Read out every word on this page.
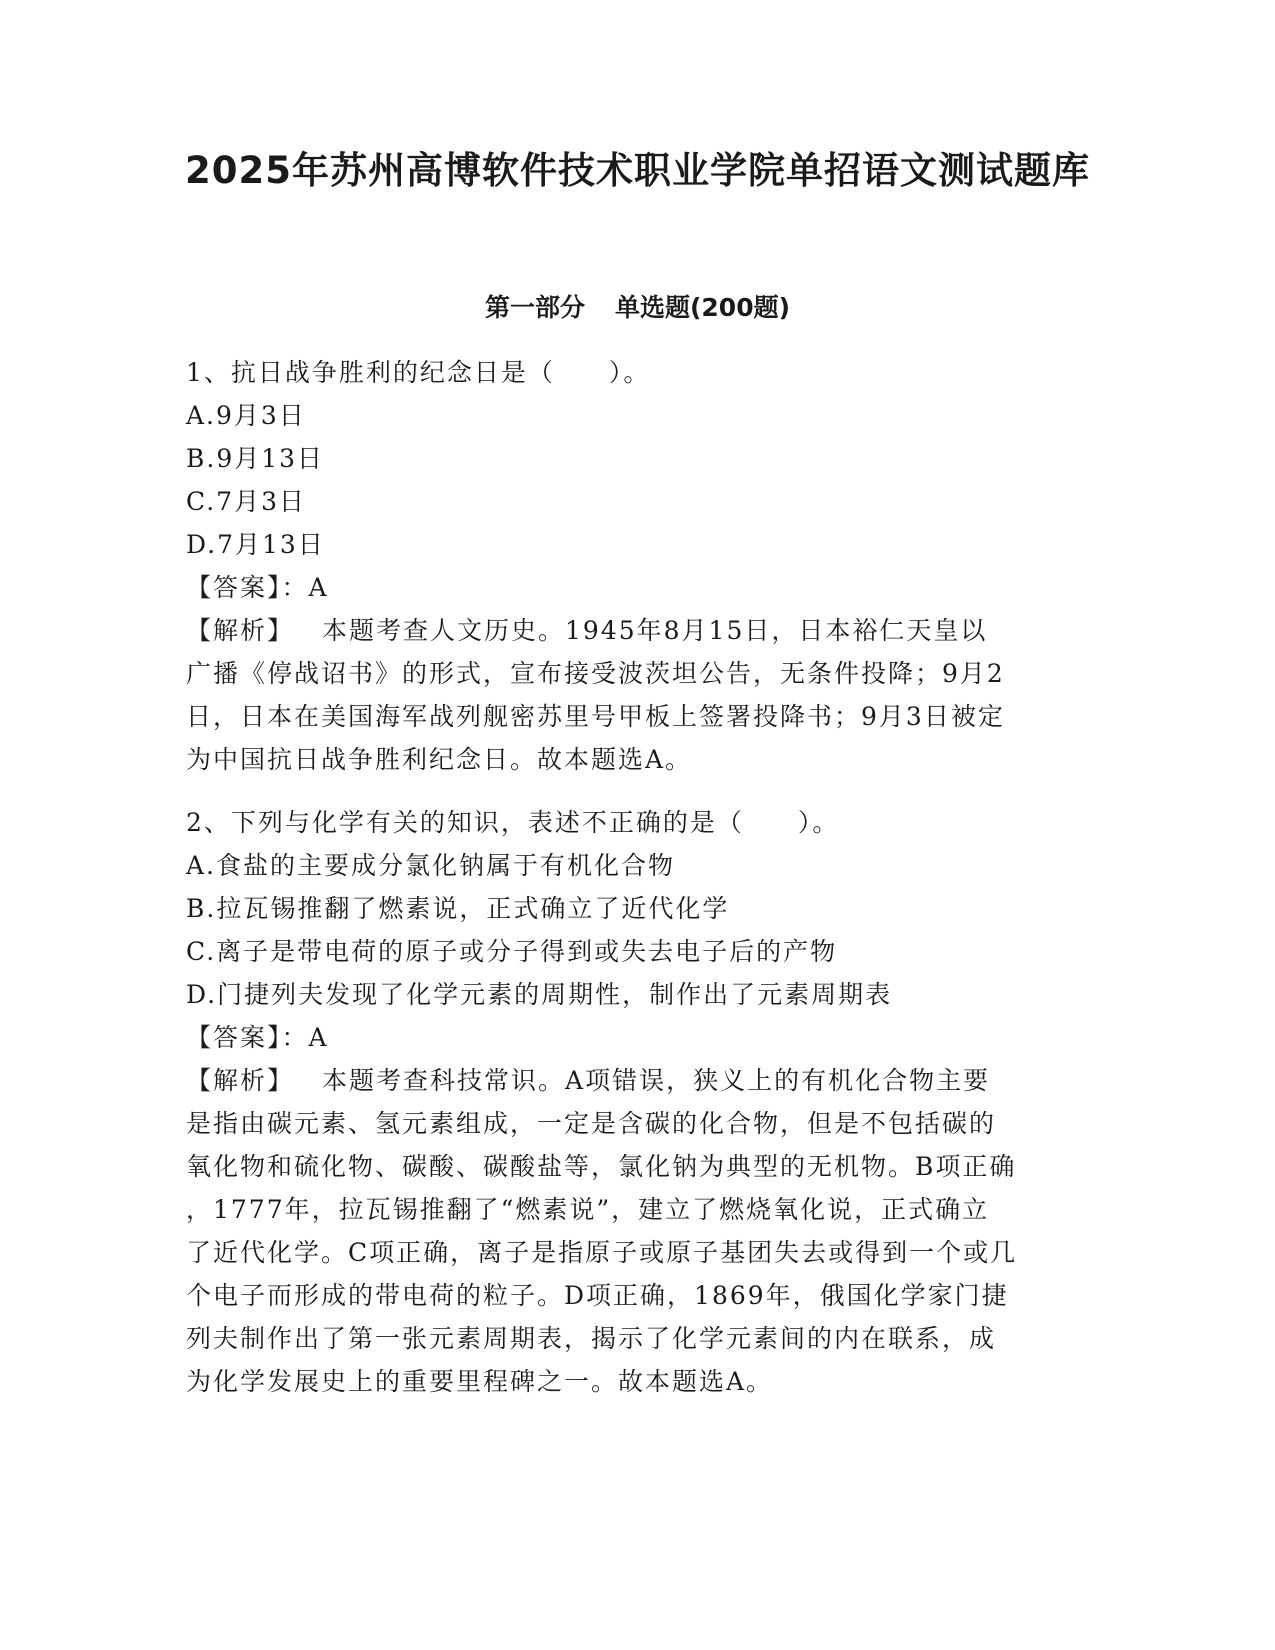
2025年苏州高博软件技术职业学院单招语文测试题库
第一部分 单选题(200题)
1、抗日战争胜利的纪念日是（　　）。
A.9月3日
B.9月13日
C.7月3日
D.7月13日
【答案】：A
【解析】 本题考查人文历史。1945年8月15日，日本裕仁天皇以
广播《停战诏书》的形式，宣布接受波茨坦公告，无条件投降；9月2
日，日本在美国海军战列舰密苏里号甲板上签署投降书；9月3日被定
为中国抗日战争胜利纪念日。故本题选A。
2、下列与化学有关的知识，表述不正确的是（　　）。
A.食盐的主要成分氯化钠属于有机化合物
B.拉瓦锡推翻了燃素说，正式确立了近代化学
C.离子是带电荷的原子或分子得到或失去电子后的产物
D.门捷列夫发现了化学元素的周期性，制作出了元素周期表
【答案】：A
【解析】 本题考查科技常识。A项错误，狭义上的有机化合物主要
是指由碳元素、氢元素组成，一定是含碳的化合物，但是不包括碳的
氧化物和硫化物、碳酸、碳酸盐等，氯化钠为典型的无机物。B项正确
，1777年，拉瓦锡推翻了“燃素说”，建立了燃烧氧化说，正式确立
了近代化学。C项正确，离子是指原子或原子基团失去或得到一个或几
个电子而形成的带电荷的粒子。D项正确，1869年，俄国化学家门捷
列夫制作出了第一张元素周期表，揭示了化学元素间的内在联系，成
为化学发展史上的重要里程碑之一。故本题选A。
